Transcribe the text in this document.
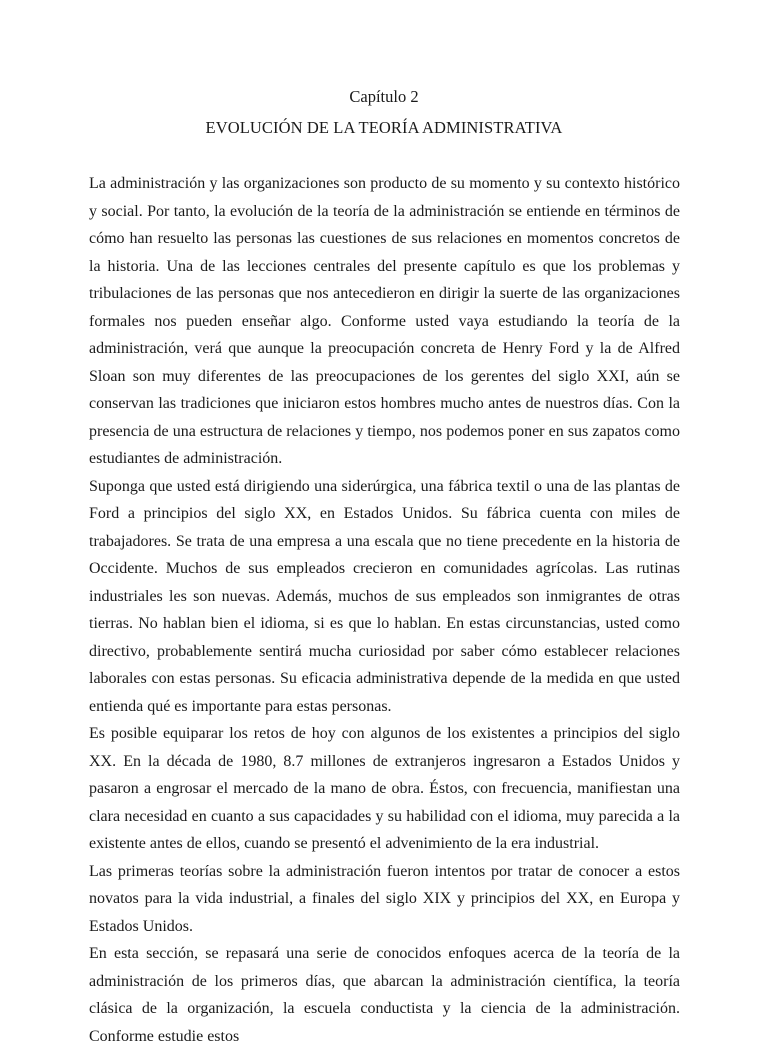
Capítulo 2
EVOLUCIÓN DE LA TEORÍA ADMINISTRATIVA

La administración y las organizaciones son producto de su momento y su contexto histórico y social. Por tanto, la evolución de la teoría de la administración se entiende en términos de cómo han resuelto las personas las cuestiones de sus relaciones en momentos concretos de la historia. Una de las lecciones centrales del presente capítulo es que los problemas y tribulaciones de las personas que nos antecedieron en dirigir la suerte de las organizaciones formales nos pueden enseñar algo. Conforme usted vaya estudiando la teoría de la administración, verá que aunque la preocupación concreta de Henry Ford y la de Alfred Sloan son muy diferentes de las preocupaciones de los gerentes del siglo XXI, aún se conservan las tradiciones que iniciaron estos hombres mucho antes de nuestros días. Con la presencia de una estructura de relaciones y tiempo, nos podemos poner en sus zapatos como estudiantes de administración.

Suponga que usted está dirigiendo una siderúrgica, una fábrica textil o una de las plantas de Ford a principios del siglo XX, en Estados Unidos. Su fábrica cuenta con miles de trabajadores. Se trata de una empresa a una escala que no tiene precedente en la historia de Occidente. Muchos de sus empleados crecieron en comunidades agrícolas. Las rutinas industriales les son nuevas. Además, muchos de sus empleados son inmigrantes de otras tierras. No hablan bien el idioma, si es que lo hablan. En estas circunstancias, usted como directivo, probablemente sentirá mucha curiosidad por saber cómo establecer relaciones laborales con estas personas. Su eficacia administrativa depende de la medida en que usted entienda qué es importante para estas personas.

Es posible equiparar los retos de hoy con algunos de los existentes a principios del siglo XX. En la década de 1980, 8.7 millones de extranjeros ingresaron a Estados Unidos y pasaron a engrosar el mercado de la mano de obra. Éstos, con frecuencia, manifiestan una clara necesidad en cuanto a sus capacidades y su habilidad con el idioma, muy parecida a la existente antes de ellos, cuando se presentó el advenimiento de la era industrial.

Las primeras teorías sobre la administración fueron intentos por tratar de conocer a estos novatos para la vida industrial, a finales del siglo XIX y principios del XX, en Europa y Estados Unidos.

En esta sección, se repasará una serie de conocidos enfoques acerca de la teoría de la administración de los primeros días, que abarcan la administración científica, la teoría clásica de la organización, la escuela conductista y la ciencia de la administración. Conforme estudie estos
